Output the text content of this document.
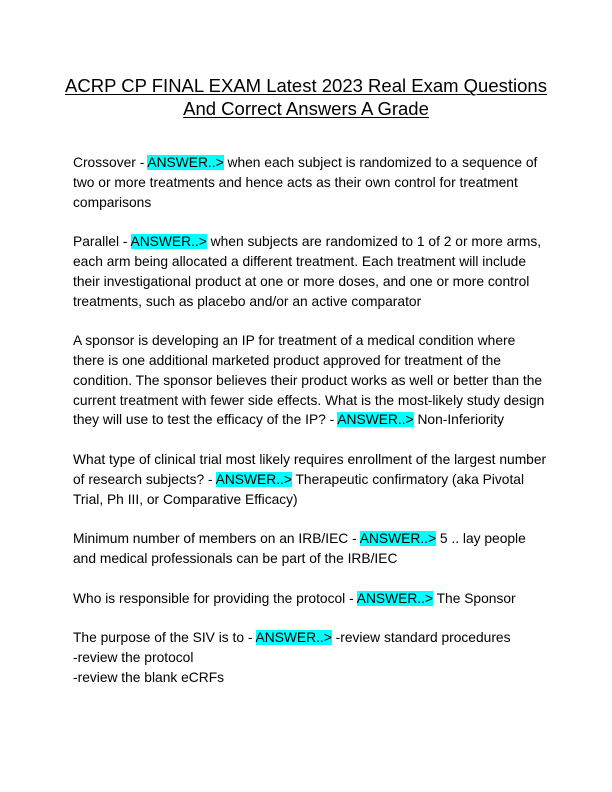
ACRP CP FINAL EXAM Latest 2023 Real Exam Questions
And Correct Answers A Grade

Crossover - ANSWER..> when each subject is randomized to a sequence of two or more treatments and hence acts as their own control for treatment comparisons

Parallel - ANSWER..> when subjects are randomized to 1 of 2 or more arms, each arm being allocated a different treatment. Each treatment will include their investigational product at one or more doses, and one or more control treatments, such as placebo and/or an active comparator

A sponsor is developing an IP for treatment of a medical condition where there is one additional marketed product approved for treatment of the condition. The sponsor believes their product works as well or better than the current treatment with fewer side effects. What is the most-likely study design they will use to test the efficacy of the IP? - ANSWER..> Non-Inferiority

What type of clinical trial most likely requires enrollment of the largest number of research subjects? - ANSWER..> Therapeutic confirmatory (aka Pivotal Trial, Ph III, or Comparative Efficacy)

Minimum number of members on an IRB/IEC - ANSWER..> 5 .. lay people and medical professionals can be part of the IRB/IEC

Who is responsible for providing the protocol - ANSWER..> The Sponsor

The purpose of the SIV is to - ANSWER..> -review standard procedures
-review the protocol
-review the blank eCRFs
